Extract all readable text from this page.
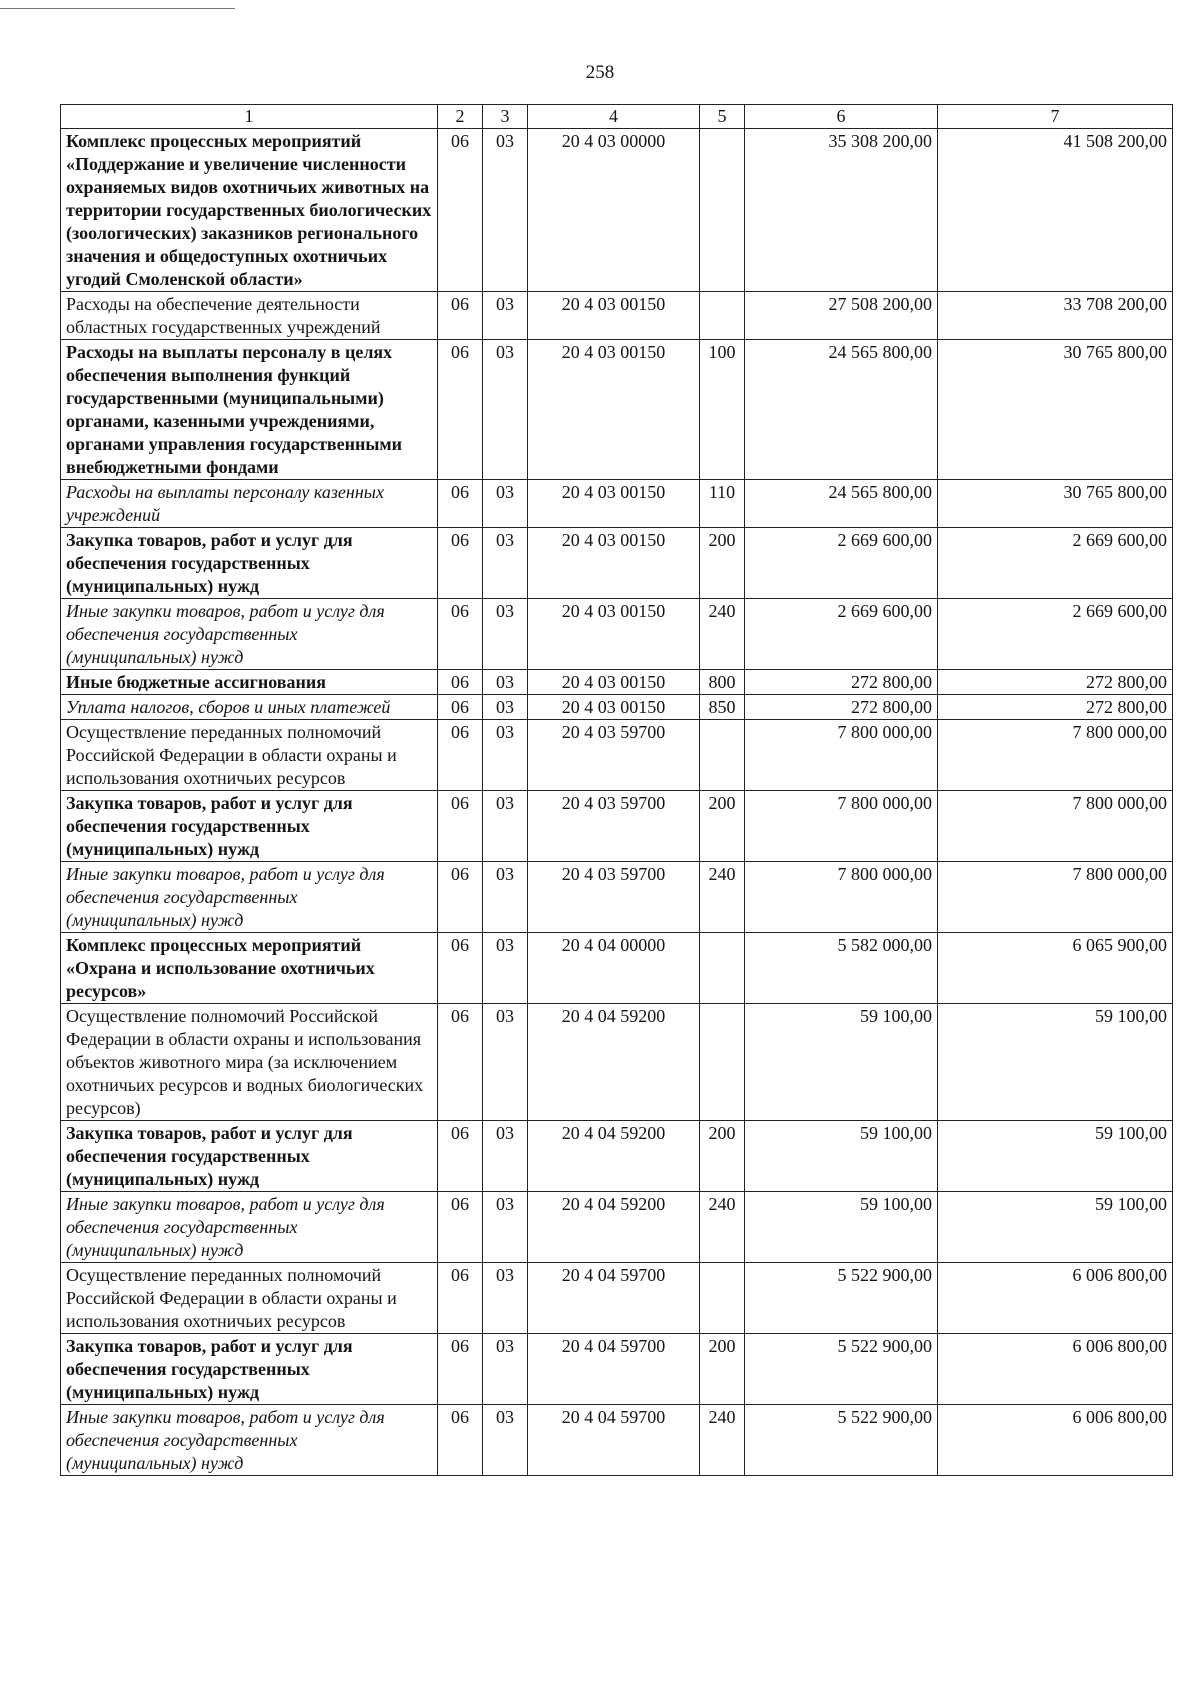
258
1	2	3	4	5	6	7
Комплекс процессных мероприятий «Поддержание и увеличение численности охраняемых видов охотничьих животных на территории государственных биологических (зоологических) заказников регионального значения и общедоступных охотничьих угодий Смоленской области»	06	03	20 4 03 00000		35 308 200,00	41 508 200,00
Расходы на обеспечение деятельности областных государственных учреждений	06	03	20 4 03 00150		27 508 200,00	33 708 200,00
Расходы на выплаты персоналу в целях обеспечения выполнения функций государственными (муниципальными) органами, казенными учреждениями, органами управления государственными внебюджетными фондами	06	03	20 4 03 00150	100	24 565 800,00	30 765 800,00
Расходы на выплаты персоналу казенных учреждений	06	03	20 4 03 00150	110	24 565 800,00	30 765 800,00
Закупка товаров, работ и услуг для обеспечения государственных (муниципальных) нужд	06	03	20 4 03 00150	200	2 669 600,00	2 669 600,00
Иные закупки товаров, работ и услуг для обеспечения государственных (муниципальных) нужд	06	03	20 4 03 00150	240	2 669 600,00	2 669 600,00
Иные бюджетные ассигнования	06	03	20 4 03 00150	800	272 800,00	272 800,00
Уплата налогов, сборов и иных платежей	06	03	20 4 03 00150	850	272 800,00	272 800,00
Осуществление переданных полномочий Российской Федерации в области охраны и использования охотничьих ресурсов	06	03	20 4 03 59700		7 800 000,00	7 800 000,00
Закупка товаров, работ и услуг для обеспечения государственных (муниципальных) нужд	06	03	20 4 03 59700	200	7 800 000,00	7 800 000,00
Иные закупки товаров, работ и услуг для обеспечения государственных (муниципальных) нужд	06	03	20 4 03 59700	240	7 800 000,00	7 800 000,00
Комплекс процессных мероприятий «Охрана и использование охотничьих ресурсов»	06	03	20 4 04 00000		5 582 000,00	6 065 900,00
Осуществление полномочий Российской Федерации в области охраны и использования объектов животного мира (за исключением охотничьих ресурсов и водных биологических ресурсов)	06	03	20 4 04 59200		59 100,00	59 100,00
Закупка товаров, работ и услуг для обеспечения государственных (муниципальных) нужд	06	03	20 4 04 59200	200	59 100,00	59 100,00
Иные закупки товаров, работ и услуг для обеспечения государственных (муниципальных) нужд	06	03	20 4 04 59200	240	59 100,00	59 100,00
Осуществление переданных полномочий Российской Федерации в области охраны и использования охотничьих ресурсов	06	03	20 4 04 59700		5 522 900,00	6 006 800,00
Закупка товаров, работ и услуг для обеспечения государственных (муниципальных) нужд	06	03	20 4 04 59700	200	5 522 900,00	6 006 800,00
Иные закупки товаров, работ и услуг для обеспечения государственных (муниципальных) нужд	06	03	20 4 04 59700	240	5 522 900,00	6 006 800,00
